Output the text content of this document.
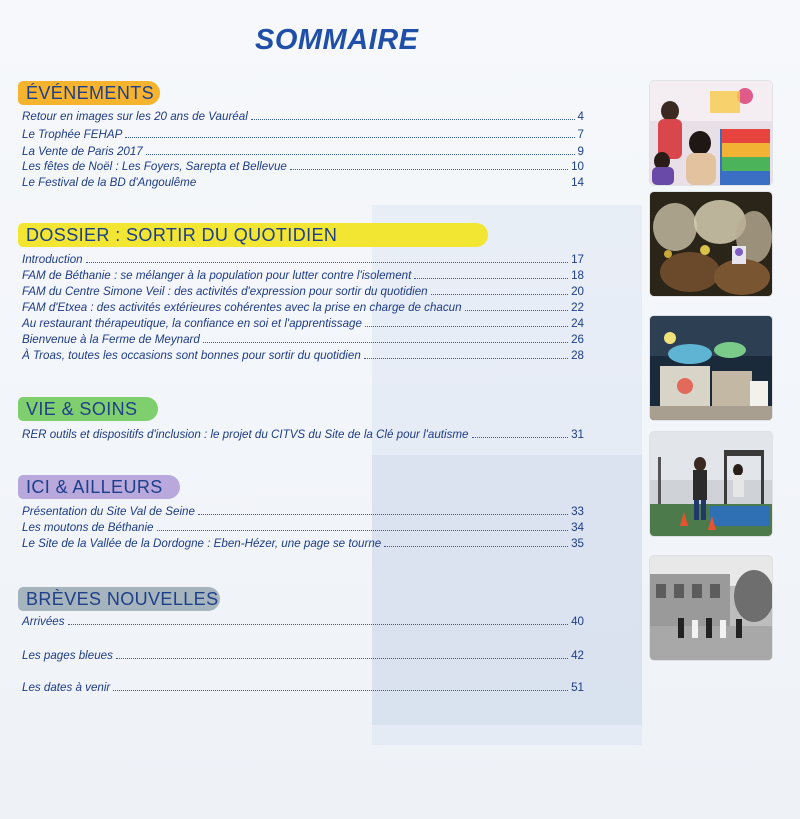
SOMMAIRE
ÉVÉNEMENTS
Retour en images sur les 20 ans de Vauréal	4
Le Trophée FEHAP	7
La Vente de Paris 2017	9
Les fêtes de Noël : Les Foyers, Sarepta et Bellevue	10
Le Festival de la BD d'Angoulême	14
DOSSIER : SORTIR DU QUOTIDIEN
Introduction	17
FAM de Béthanie : se mélanger à la population pour lutter contre l'isolement	18
FAM du Centre Simone Veil : des activités d'expression pour sortir du quotidien	20
FAM d'Etxea : des activités extérieures cohérentes avec la prise en charge de chacun	22
Au restaurant thérapeutique, la confiance en soi et l'apprentissage	24
Bienvenue à la Ferme de Meynard	26
À Troas, toutes les occasions sont bonnes pour sortir du quotidien	28
VIE & SOINS
RER outils et dispositifs d'inclusion : le projet du CITVS du Site de la Clé pour l'autisme	31
ICI & AILLEURS
Présentation du Site Val de Seine	33
Les moutons de Béthanie	34
Le Site de la Vallée de la Dordogne : Eben-Hézer, une page se tourne	35
BRÈVES NOUVELLES
Arrivées	40
Les pages bleues	42
Les dates à venir	51
